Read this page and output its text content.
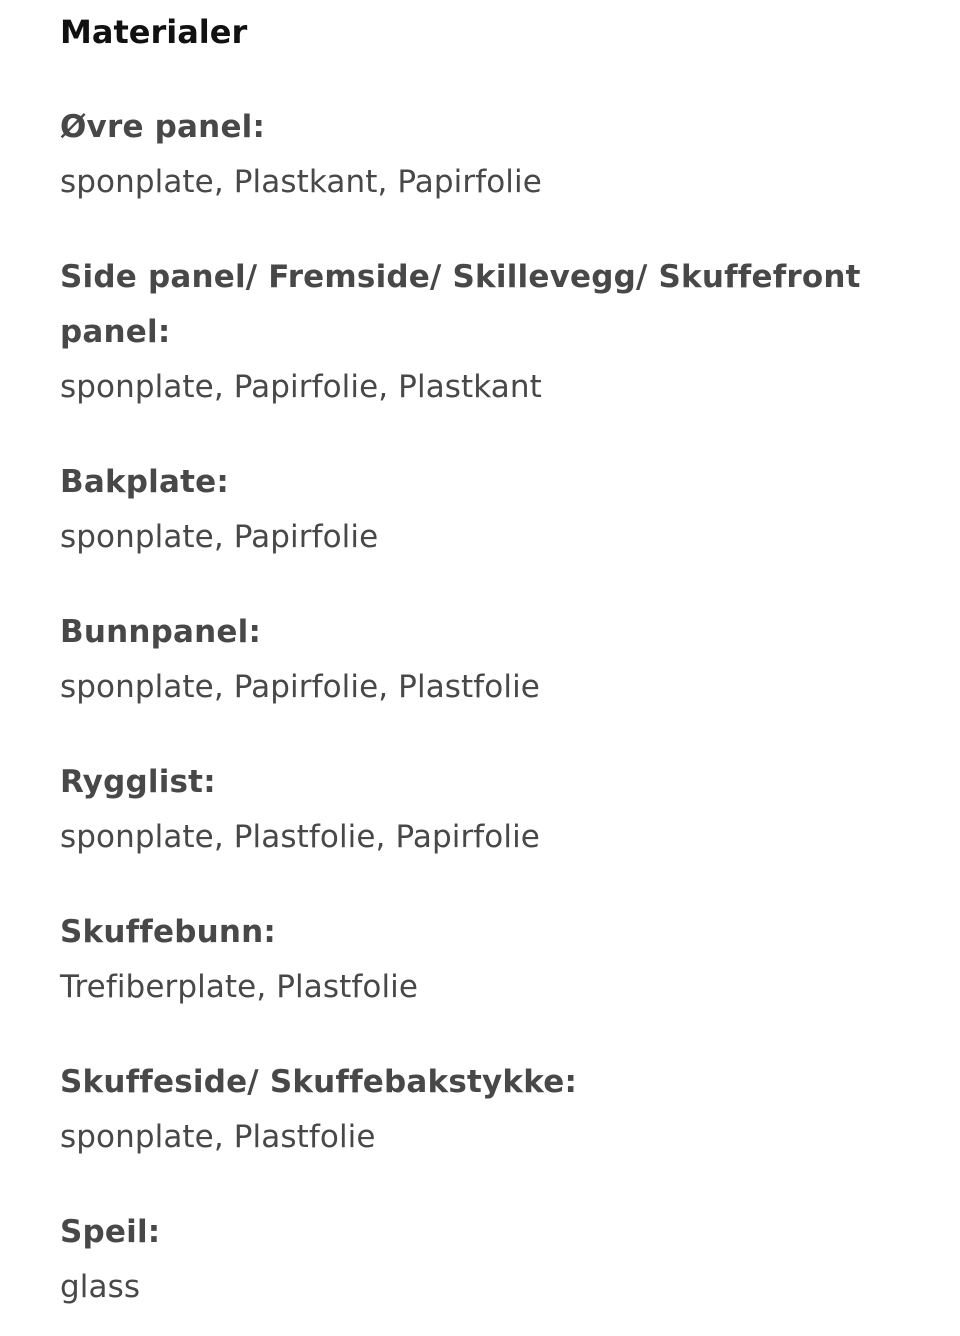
Materialer

Øvre panel:

sponplate, Plastkant, Papirfolie

Side panel/ Fremside/ Skillevegg/ Skuffefront panel:

sponplate, Papirfolie, Plastkant

Bakplate:

sponplate, Papirfolie

Bunnpanel:

sponplate, Papirfolie, Plastfolie

Rygglist:

sponplate, Plastfolie, Papirfolie

Skuffebunn:

Trefiberplate, Plastfolie

Skuffeside/ Skuffebakstykke:

sponplate, Plastfolie

Speil:

glass
